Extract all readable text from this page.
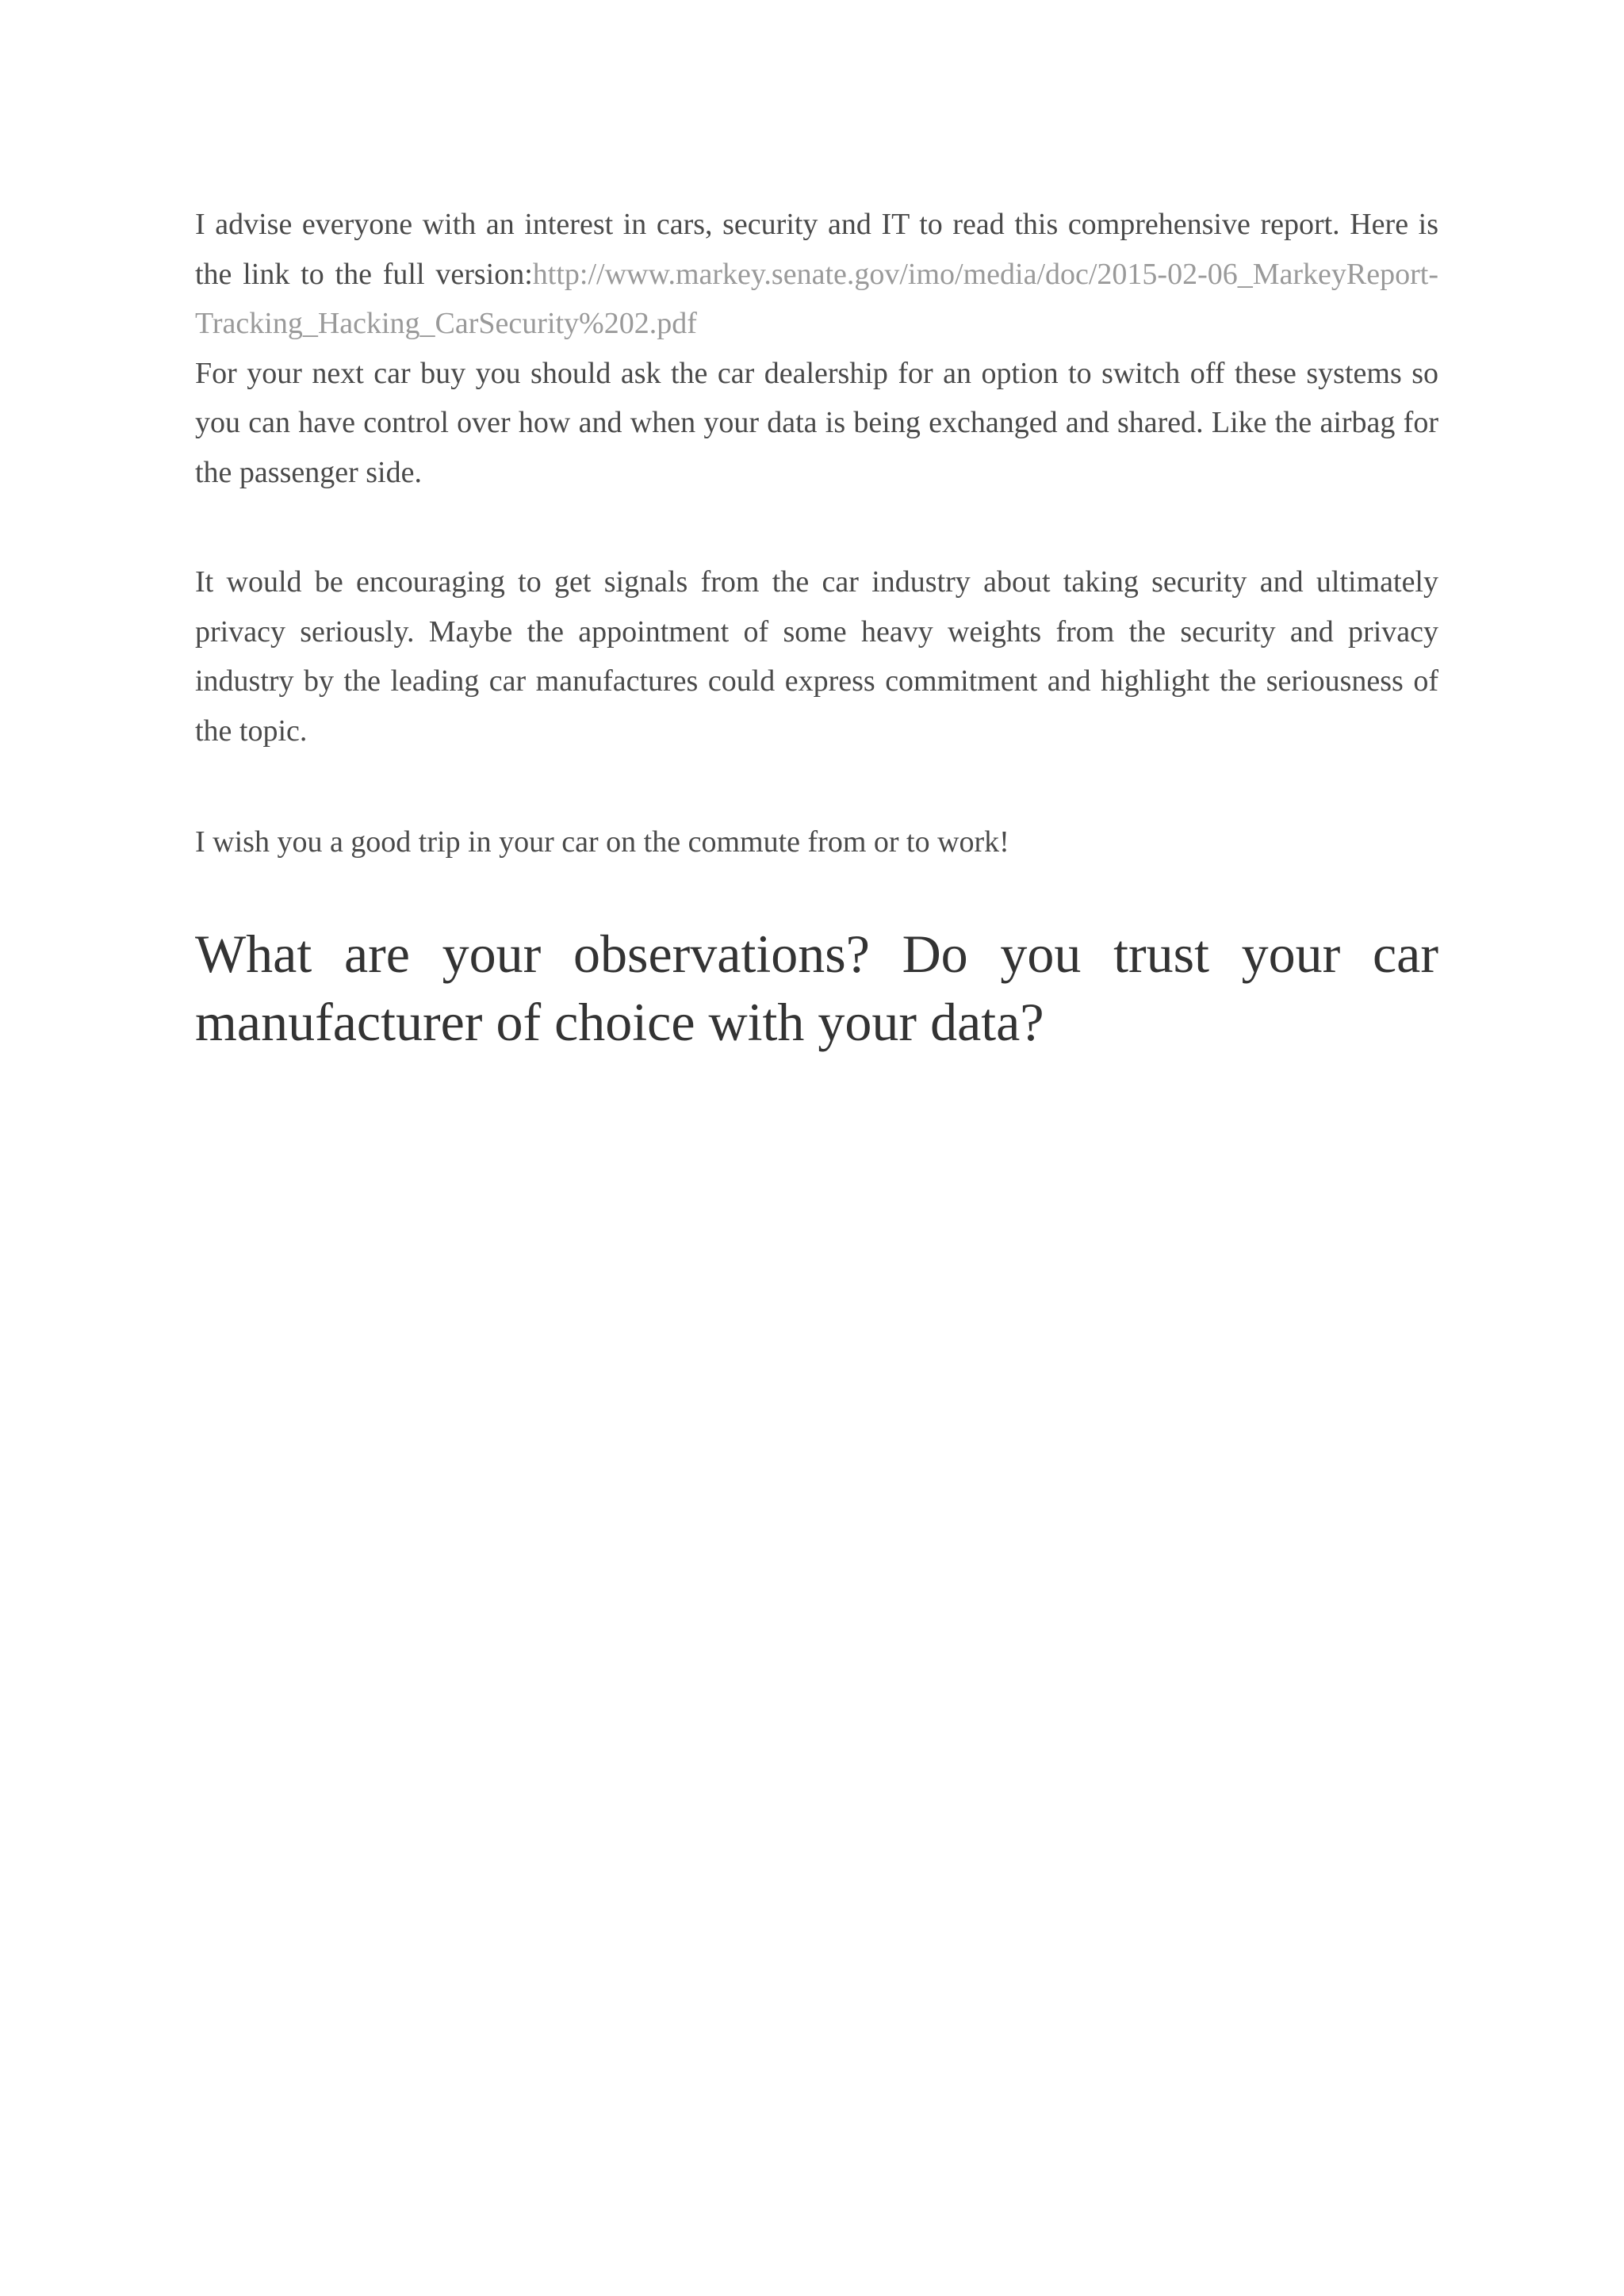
I advise everyone with an interest in cars, security and IT to read this comprehensive report. Here is the link to the full version:http://www.markey.senate.gov/imo/media/doc/2015-02-06_MarkeyReport-Tracking_Hacking_CarSecurity%202.pdf

For your next car buy you should ask the car dealership for an option to switch off these systems so you can have control over how and when your data is being exchanged and shared. Like the airbag for the passenger side.

It would be encouraging to get signals from the car industry about taking security and ultimately privacy seriously. Maybe the appointment of some heavy weights from the security and privacy industry by the leading car manufactures could express commitment and highlight the seriousness of the topic.

I wish you a good trip in your car on the commute from or to work!

What are your observations? Do you trust your car manufacturer of choice with your data?
